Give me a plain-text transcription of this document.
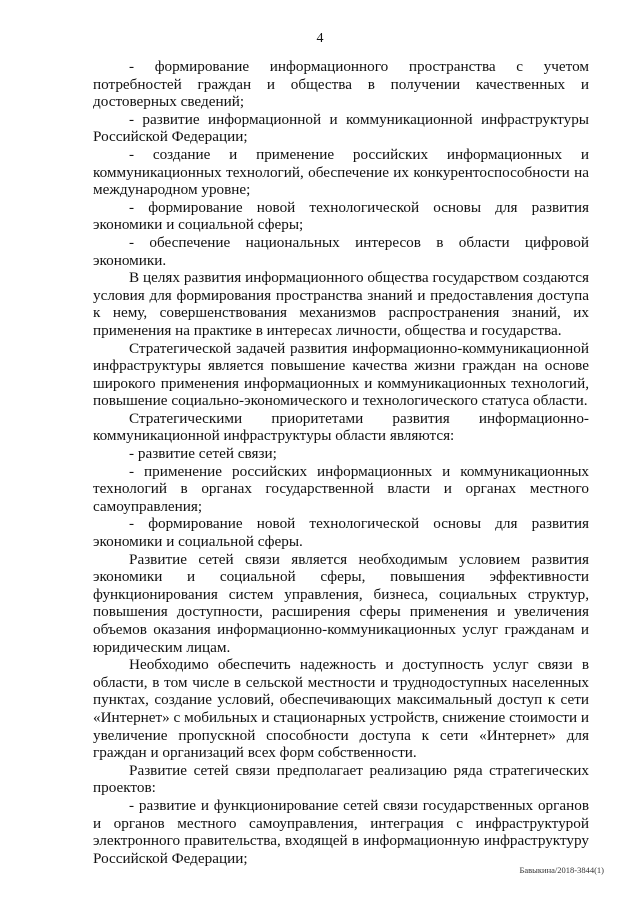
4

- формирование информационного пространства с учетом потребностей граждан и общества в получении качественных и достоверных сведений;

- развитие информационной и коммуникационной инфраструктуры Российской Федерации;

- создание и применение российских информационных и коммуникационных технологий, обеспечение их конкурентоспособности на международном уровне;

- формирование новой технологической основы для развития экономики и социальной сферы;

- обеспечение национальных интересов в области цифровой экономики.

В целях развития информационного общества государством создаются условия для формирования пространства знаний и предоставления доступа к нему, совершенствования механизмов распространения знаний, их применения на практике в интересах личности, общества и государства.

Стратегической задачей развития информационно-коммуникационной инфраструктуры является повышение качества жизни граждан на основе широкого применения информационных и коммуникационных технологий, повышение социально-экономического и технологического статуса области.

Стратегическими приоритетами развития информационно-коммуникационной инфраструктуры области являются:

- развитие сетей связи;

- применение российских информационных и коммуникационных технологий в органах государственной власти и органах местного самоуправления;

- формирование новой технологической основы для развития экономики и социальной сферы.

Развитие сетей связи является необходимым условием развития экономики и социальной сферы, повышения эффективности функционирования систем управления, бизнеса, социальных структур, повышения доступности, расширения сферы применения и увеличения объемов оказания информационно-коммуникационных услуг гражданам и юридическим лицам.

Необходимо обеспечить надежность и доступность услуг связи в области, в том числе в сельской местности и труднодоступных населенных пунктах, создание условий, обеспечивающих максимальный доступ к сети «Интернет» с мобильных и стационарных устройств, снижение стоимости и увеличение пропускной способности доступа к сети «Интернет» для граждан и организаций всех форм собственности.

Развитие сетей связи предполагает реализацию ряда стратегических проектов:

- развитие и функционирование сетей связи государственных органов и органов местного самоуправления, интеграция с инфраструктурой электронного правительства, входящей в информационную инфраструктуру Российской Федерации;

Бавыкина/2018-3844(1)
